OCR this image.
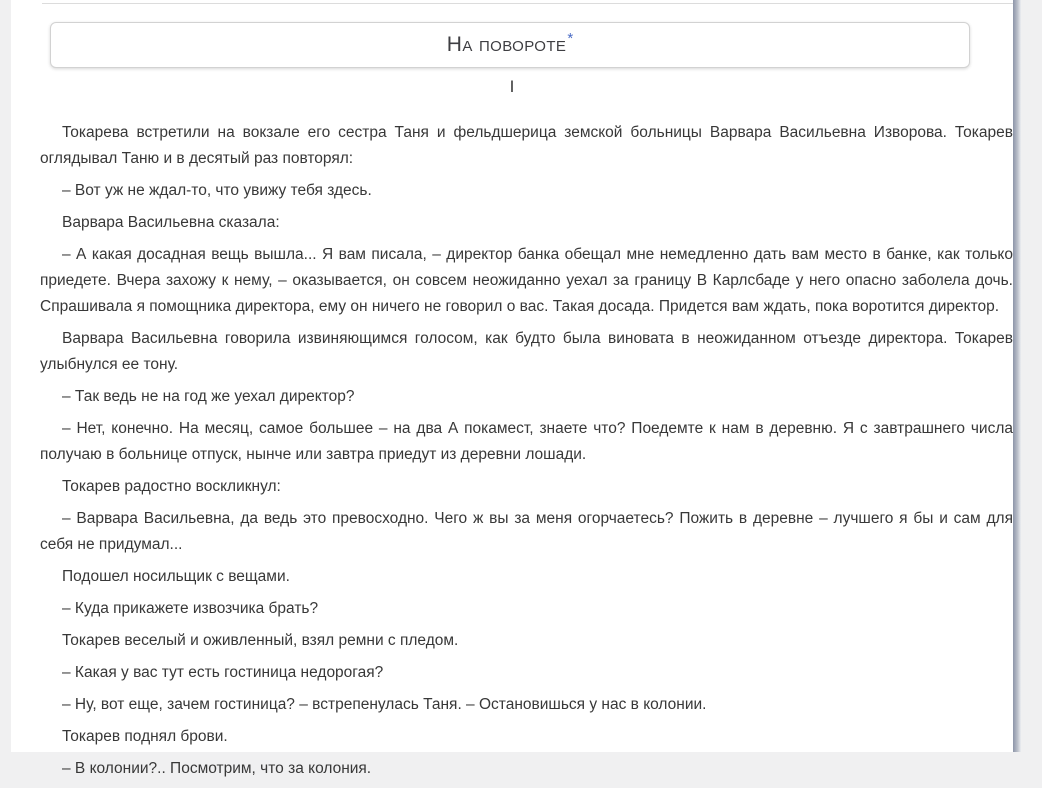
На повороте *
I

Токарева встретили на вокзале его сестра Таня и фельдшерица земской больницы Варвара Васильевна Изворова. Токарев оглядывал Таню и в десятый раз повторял:

– Вот уж не ждал-то, что увижу тебя здесь.

Варвара Васильевна сказала:

– А какая досадная вещь вышла... Я вам писала, – директор банка обещал мне немедленно дать вам место в банке, как только приедете. Вчера захожу к нему, – оказывается, он совсем неожиданно уехал за границу В Карлсбаде у него опасно заболела дочь. Спрашивала я помощника директора, ему он ничего не говорил о вас. Такая досада. Придется вам ждать, пока воротится директор.

Варвара Васильевна говорила извиняющимся голосом, как будто была виновата в неожиданном отъезде директора. Токарев улыбнулся ее тону.

– Так ведь не на год же уехал директор?

– Нет, конечно. На месяц, самое большее – на два А покамест, знаете что? Поедемте к нам в деревню. Я с завтрашнего числа получаю в больнице отпуск, нынче или завтра приедут из деревни лошади.

Токарев радостно воскликнул:

– Варвара Васильевна, да ведь это превосходно. Чего ж вы за меня огорчаетесь? Пожить в деревне – лучшего я бы и сам для себя не придумал...

Подошел носильщик с вещами.

– Куда прикажете извозчика брать?

Токарев веселый и оживленный, взял ремни с пледом.

– Какая у вас тут есть гостиница недорогая?

– Ну, вот еще, зачем гостиница? – встрепенулась Таня. – Остановишься у нас в колонии.

Токарев поднял брови.

– В колонии?.. Посмотрим, что за колония.
